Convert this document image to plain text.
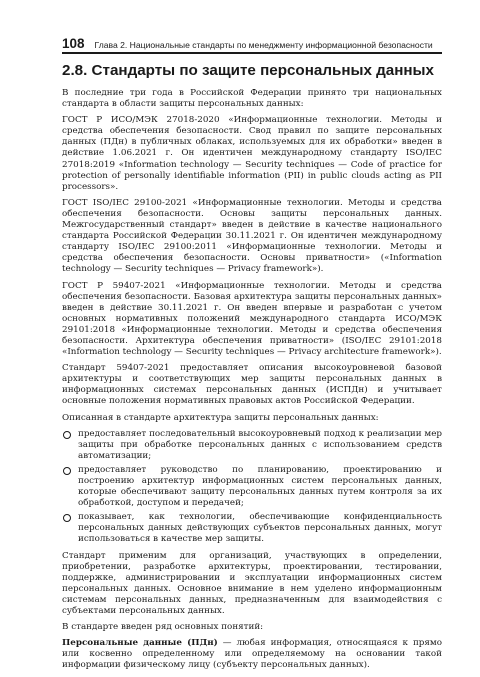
108 Глава 2. Национальные стандарты по менеджменту информационной безопасности
2.8. Стандарты по защите персональных данных

В последние три года в Российской Федерации принято три национальных стандарта в области защиты персональных данных:

ГОСТ Р ИСО/МЭК 27018-2020 «Информационные технологии. Методы и средства обеспечения безопасности. Свод правил по защите персональных данных (ПДн) в публичных облаках, используемых для их обработки» введен в действие 1.06.2021 г. Он идентичен международному стандарту ISO/IEC 27018:2019 «Information technology — Security techniques — Code of practice for protection of personally identifiable information (PII) in public clouds acting as PII processors».

ГОСТ ISO/IEC 29100-2021 «Информационные технологии. Методы и средства обеспечения безопасности. Основы защиты персональных данных. Межгосударственный стандарт» введен в действие в качестве национального стандарта Российской Федерации 30.11.2021 г. Он идентичен международному стандарту ISO/IEC 29100:2011 «Информационные технологии. Методы и средства обеспечения безопасности. Основы приватности» («Information technology — Security techniques — Privacy framework»).

ГОСТ Р 59407-2021 «Информационные технологии. Методы и средства обеспечения безопасности. Базовая архитектура защиты персональных данных» введен в действие 30.11.2021 г. Он введен впервые и разработан с учетом основных нормативных положений международного стандарта ИСО/МЭК 29101:2018 «Информационные технологии. Методы и средства обеспечения безопасности. Архитектура обеспечения приватности» (ISO/IEC 29101:2018 «Information technology — Security techniques — Privacy architecture framework»).

Стандарт 59407-2021 предоставляет описания высокоуровневой базовой архитектуры и соответствующих мер защиты персональных данных в информационных системах персональных данных (ИСПДн) и учитывает основные положения нормативных правовых актов Российской Федерации.

Описанная в стандарте архитектура защиты персональных данных:

предоставляет последовательный высокоуровневый подход к реализации мер защиты при обработке персональных данных с использованием средств автоматизации;
предоставляет руководство по планированию, проектированию и построению архитектур информационных систем персональных данных, которые обеспечивают защиту персональных данных путем контроля за их обработкой, доступом и передачей;
показывает, как технологии, обеспечивающие конфиденциальность персональных данных действующих субъектов персональных данных, могут использоваться в качестве мер защиты.

Стандарт применим для организаций, участвующих в определении, приобретении, разработке архитектуры, проектировании, тестировании, поддержке, администрировании и эксплуатации информационных систем персональных данных. Основное внимание в нем уделено информационным системам персональных данных, предназначенным для взаимодействия с субъектами персональных данных.

В стандарте введен ряд основных понятий:

Персональные данные (ПДн) — любая информация, относящаяся к прямо или косвенно определенному или определяемому на основании такой информации физическому лицу (субъекту персональных данных).
